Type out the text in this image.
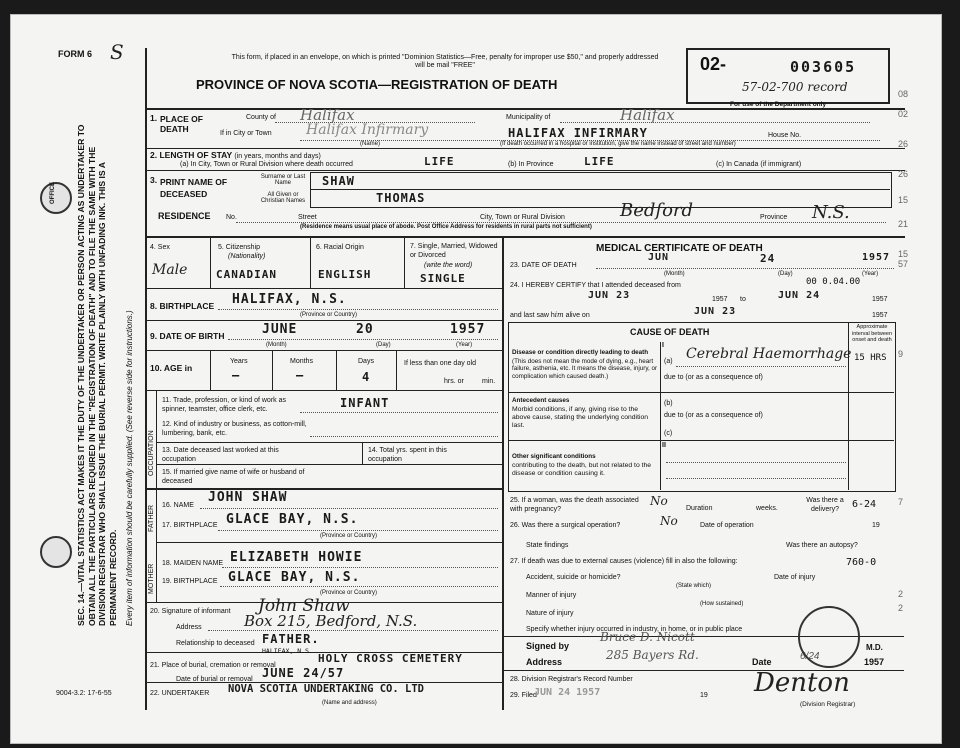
OFFICE SEC. 14.—VITAL STATISTICS ACT MAKES IT THE DUTY OF THE UNDERTAKER OR PERSON ACTING AS UNDERTAKER TO OBTAIN ALL THE PARTICULARS REQUIRED IN THE "REGISTRATION OF DEATH" AND TO FILE THE SAME WITH THE DIVISION REGISTRAR WHO SHALL ISSUE THE BURIAL PERMIT. WRITE PLAINLY WITH UNFADING INK. THIS IS A PERMANENT RECORD. Every item of information should be carefully supplied. (See reverse side for instructions.)
FORM 6 S	This form, if placed in an envelope, on which is printed "Dominion Statistics—Free, penalty for improper use $50," and properly addressed will be mail "FREE"
PROVINCE OF NOVA SCOTIA—REGISTRATION OF DEATH
02-	003605
57-02-700 record
For use of the Department only
1. PLACE OF DEATH
County of Halifax	Municipality of	Halifax
If in City or Town Halifax Infirmary
(Name)
HALIFAX INFIRMARY	House No.
(If death occurred in a hospital or institution, give the name instead of street and number)
2. LENGTH OF STAY (in years, months and days)
(a) In City, Town or Rural Division where death occurred	LIFE	(b) In Province	LIFE	(c) In Canada (if immigrant)
3. PRINT NAME OF DECEASED
Surname or Last Name
All Given or Christian Names
SHAW
THOMAS
RESIDENCE No.	Street	City, Town or Rural Division	Bedford	Province N.S.
(Residence means usual place of abode. Post Office Address for residents in rural parts not sufficient)
4. Sex
Male
5. Citizenship
(Nationality)
CANADIAN
6. Racial Origin
ENGLISH
7. Single, Married, Widowed or Divorced
(write the word)
SINGLE
8. BIRTHPLACE HALIFAX, N.S.
(Province or Country)
9. DATE OF BIRTH	JUNE	20	1957
(Month)	(Day)	(Year)
10. AGE in
Years	Months	Days
—	—	4
If less than one day old
hrs. or	min.
OCCUPATION
11. Trade, profession, or kind of work as spinner, teamster, office clerk, etc.	INFANT
12. Kind of industry or business, as cotton-mill, lumbering, bank, etc.
13. Date deceased last worked at this occupation
14. Total yrs. spent in this occupation
15. If married give name of wife or husband of deceased
FATHER
MOTHER
16. NAME
JOHN SHAW
17. BIRTHPLACE GLACE BAY, N.S.
(Province or Country)
18. MAIDEN NAME ELIZABETH HOWIE
19. BIRTHPLACE GLACE BAY, N.S.
(Province or Country)
20. Signature of informant John Shaw
Address	Box 215, Bedford, N.S.
Relationship to deceased FATHER.
21. Place of burial, cremation or removal
HALIFAX, N.S.
HOLY CROSS CEMETERY
Date of burial or removal JUNE 24/57
22. UNDERTAKER NOVA SCOTIA UNDERTAKING CO. LTD
(Name and address)
MEDICAL CERTIFICATE OF DEATH
23. DATE OF DEATH
JUN	24	1957
(Month)	(Day)	(Year)
24. I HEREBY CERTIFY that I attended deceased from	00 0.04.00
JUN 23	1957 to	JUN 24	1957
and last saw him alive on	JUN 23	1957
CAUSE OF DEATH	Approximate interval between onset and death
I
Disease or condition directly leading to death
(This does not mean the mode of dying, e.g., heart failure, asthenia, etc. It means the disease, injury, or complication which caused death.)
(a) Cerebral Haemorrhage 15 HRS
due to (or as a consequence of)
Antecedent causes
Morbid conditions, if any, giving rise to the above cause, stating the underlying condition last.
(b)
due to (or as a consequence of)
(c)
II
Other significant conditions
contributing to the death, but not related to the disease or condition causing it.
25. If a woman, was the death associated with pregnancy?
No
Duration	weeks.
Was there a delivery?	6-24
26. Was there a surgical operation?	No	Date of operation	19
State findings	Was there an autopsy?
27. If death was due to external causes (violence) fill in also the following:	760-0
Accident, suicide or homicide?	Date of injury
(State which)
Manner of injury
(How sustained)
Nature of injury
Specify whether injury occurred in industry, in home, or in public place
Signed by
Bruce D. Nicott
M.D.
Address	285 Bayers Rd.	Date	6/24	1957
28. Division Registrar's Record Number
29. Filed
JUN 24 1957	19 Denton
(Division Registrar)
9004-3.2: 17-6-55
08
02
26
26
15
21
15
9
57
2
2
7
